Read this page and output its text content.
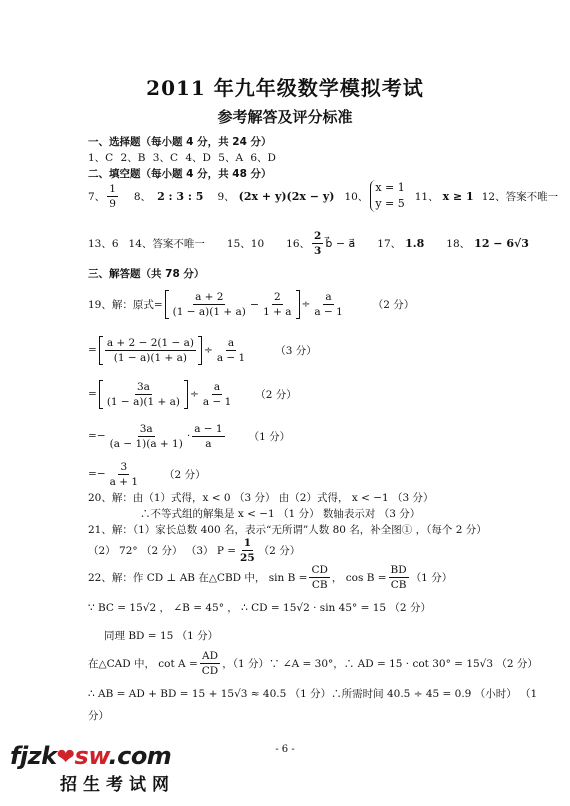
2011 年九年级数学模拟考试
参考解答及评分标准
一、选择题（每小题 4 分，共 24 分）
1、C 2、B 3、C 4、D 5、A 6、D
二、填空题（每小题 4 分，共 48 分）
7、 $\frac{1}{9} 8$、 2 : 3 : 5 9、 (2x + y)(2x − y) 10、
x = 1
y = 5
11、 x ≥ 1 12、答案不唯一
13、6 14、答案不唯一 15、10 16、 $\frac{2}{3}$ b⃗ − a⃗ 17、 1.8 18、 12 − 6√3
三、解答题（共 78 分）
19、解：原式= $\frac{a + 2}{(1 - a)(1 + a)} - \frac{2}{1 + a} \div \frac{a}{a - 1}$	（2 分）
= $\frac{a + 2 - 2(1 - a)}{(1 - a)(1 + a)} \div \frac{a}{a - 1}$	（3 分）
= $\frac{3a}{(1 - a)(1 + a)} \div \frac{a}{a - 1} (2$ 分）
= − $\frac{3a}{(a - 1)(a + 1)} \cdot \frac{a - 1}{a} (1$ 分）
= − $\frac{3}{a + 1} (2$ 分）
20、解：由（1）式得，x < 0 （3 分） 由（2）式得， x < −1 （3 分）
∴不等式组的解集是 x < −1 （1 分） 数轴表示对 （3 分）
21、解：（1）家长总数 400 名，表示“无所谓”人数 80 名，补全图① ，（每个 2 分）
（2） 72° （2 分） （3） $P = \frac{1}{25} (2$ 分）
22、解：作 CD ⊥ AB 在△CBD 中， $\sin B = \frac{CD}{CB}$ ， $\cos B = \frac{BD}{CB} (1$ 分）
∵ BC = 15√2 ， ∠B = 45° ， ∴ CD = 15√2 · sin 45° = 15 （2 分）
同理 BD = 15 （1 分）
在△CAD 中， $\cot A = \frac{AD}{CD}$ ，（1 分）∵ ∠A = 30°，∴ AD = 15 · cot 30° = 15√3 （2 分）
∴ AB = AD + BD = 15 + 15√3 ≈ 40.5 （1 分）∴所需时间 40.5 ÷ 45 = 0.9 （小时） （1
分）
- 6 -
fjzk❤sw.com
招生考试网
